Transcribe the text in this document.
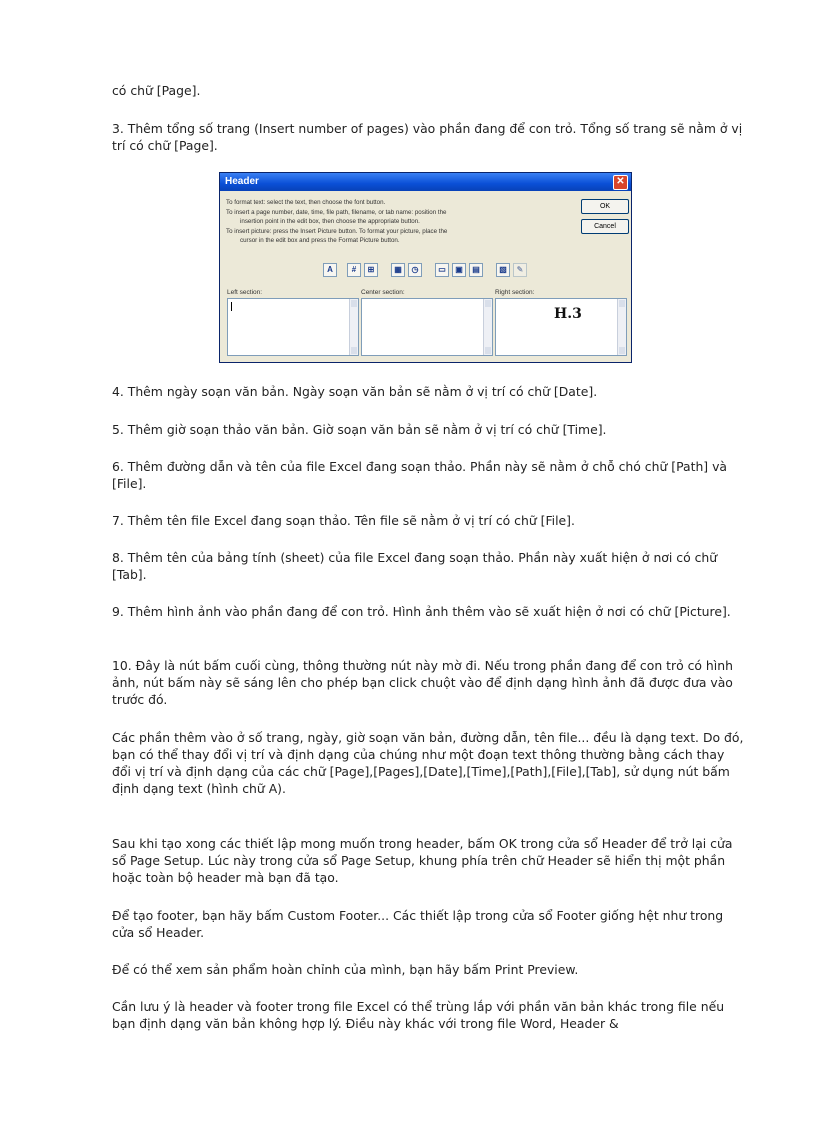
có chữ [Page].

3. Thêm tổng số trang (Insert number of pages) vào phần đang để con trỏ. Tổng số trang sẽ nằm ở vị trí có chữ [Page].

Header	✕
To format text: select the text, then choose the font button.
To insert a page number, date, time, file path, filename, or tab name: position the
insertion point in the edit box, then choose the appropriate button.
To insert picture: press the Insert Picture button. To format your picture, place the
cursor in the edit box and press the Format Picture button.
OK
Cancel
A	#	⊞	▦	◷	▭	▣	▤	▧	✎
Left section:	Center section:	Right section:
H.3

4. Thêm ngày soạn văn bản. Ngày soạn văn bản sẽ nằm ở vị trí có chữ [Date].

5. Thêm giờ soạn thảo văn bản. Giờ soạn văn bản sẽ nằm ở vị trí có chữ [Time].

6. Thêm đường dẫn và tên của file Excel đang soạn thảo. Phần này sẽ nằm ở chỗ chó chữ [Path] và [File].

7. Thêm tên file Excel đang soạn thảo. Tên file sẽ nằm ở vị trí có chữ [File].

8. Thêm tên của bảng tính (sheet) của file Excel đang soạn thảo. Phần này xuất hiện ở nơi có chữ [Tab].

9. Thêm hình ảnh vào phần đang để con trỏ. Hình ảnh thêm vào sẽ xuất hiện ở nơi có chữ [Picture].

10. Đây là nút bấm cuối cùng, thông thường nút này mờ đi. Nếu trong phần đang để con trỏ có hình ảnh, nút bấm này sẽ sáng lên cho phép bạn click chuột vào để định dạng hình ảnh đã được đưa vào trước đó.

Các phần thêm vào ở số trang, ngày, giờ soạn văn bản, đường dẫn, tên file... đều là dạng text. Do đó, bạn có thể thay đổi vị trí và định dạng của chúng như một đoạn text thông thường bằng cách thay đổi vị trí và định dạng của các chữ [Page],[Pages],[Date],[Time],[Path],[File],[Tab], sử dụng nút bấm định dạng text (hình chữ A).

Sau khi tạo xong các thiết lập mong muốn trong header, bấm OK trong cửa sổ Header để trở lại cửa sổ Page Setup. Lúc này trong cửa sổ Page Setup, khung phía trên chữ Header sẽ hiển thị một phần hoặc toàn bộ header mà bạn đã tạo.

Để tạo footer, bạn hãy bấm Custom Footer... Các thiết lập trong cửa sổ Footer giống hệt như trong cửa sổ Header.

Để có thể xem sản phẩm hoàn chỉnh của mình, bạn hãy bấm Print Preview.

Cần lưu ý là header và footer trong file Excel có thể trùng lắp với phần văn bản khác trong file nếu bạn định dạng văn bản không hợp lý. Điều này khác với trong file Word, Header &
